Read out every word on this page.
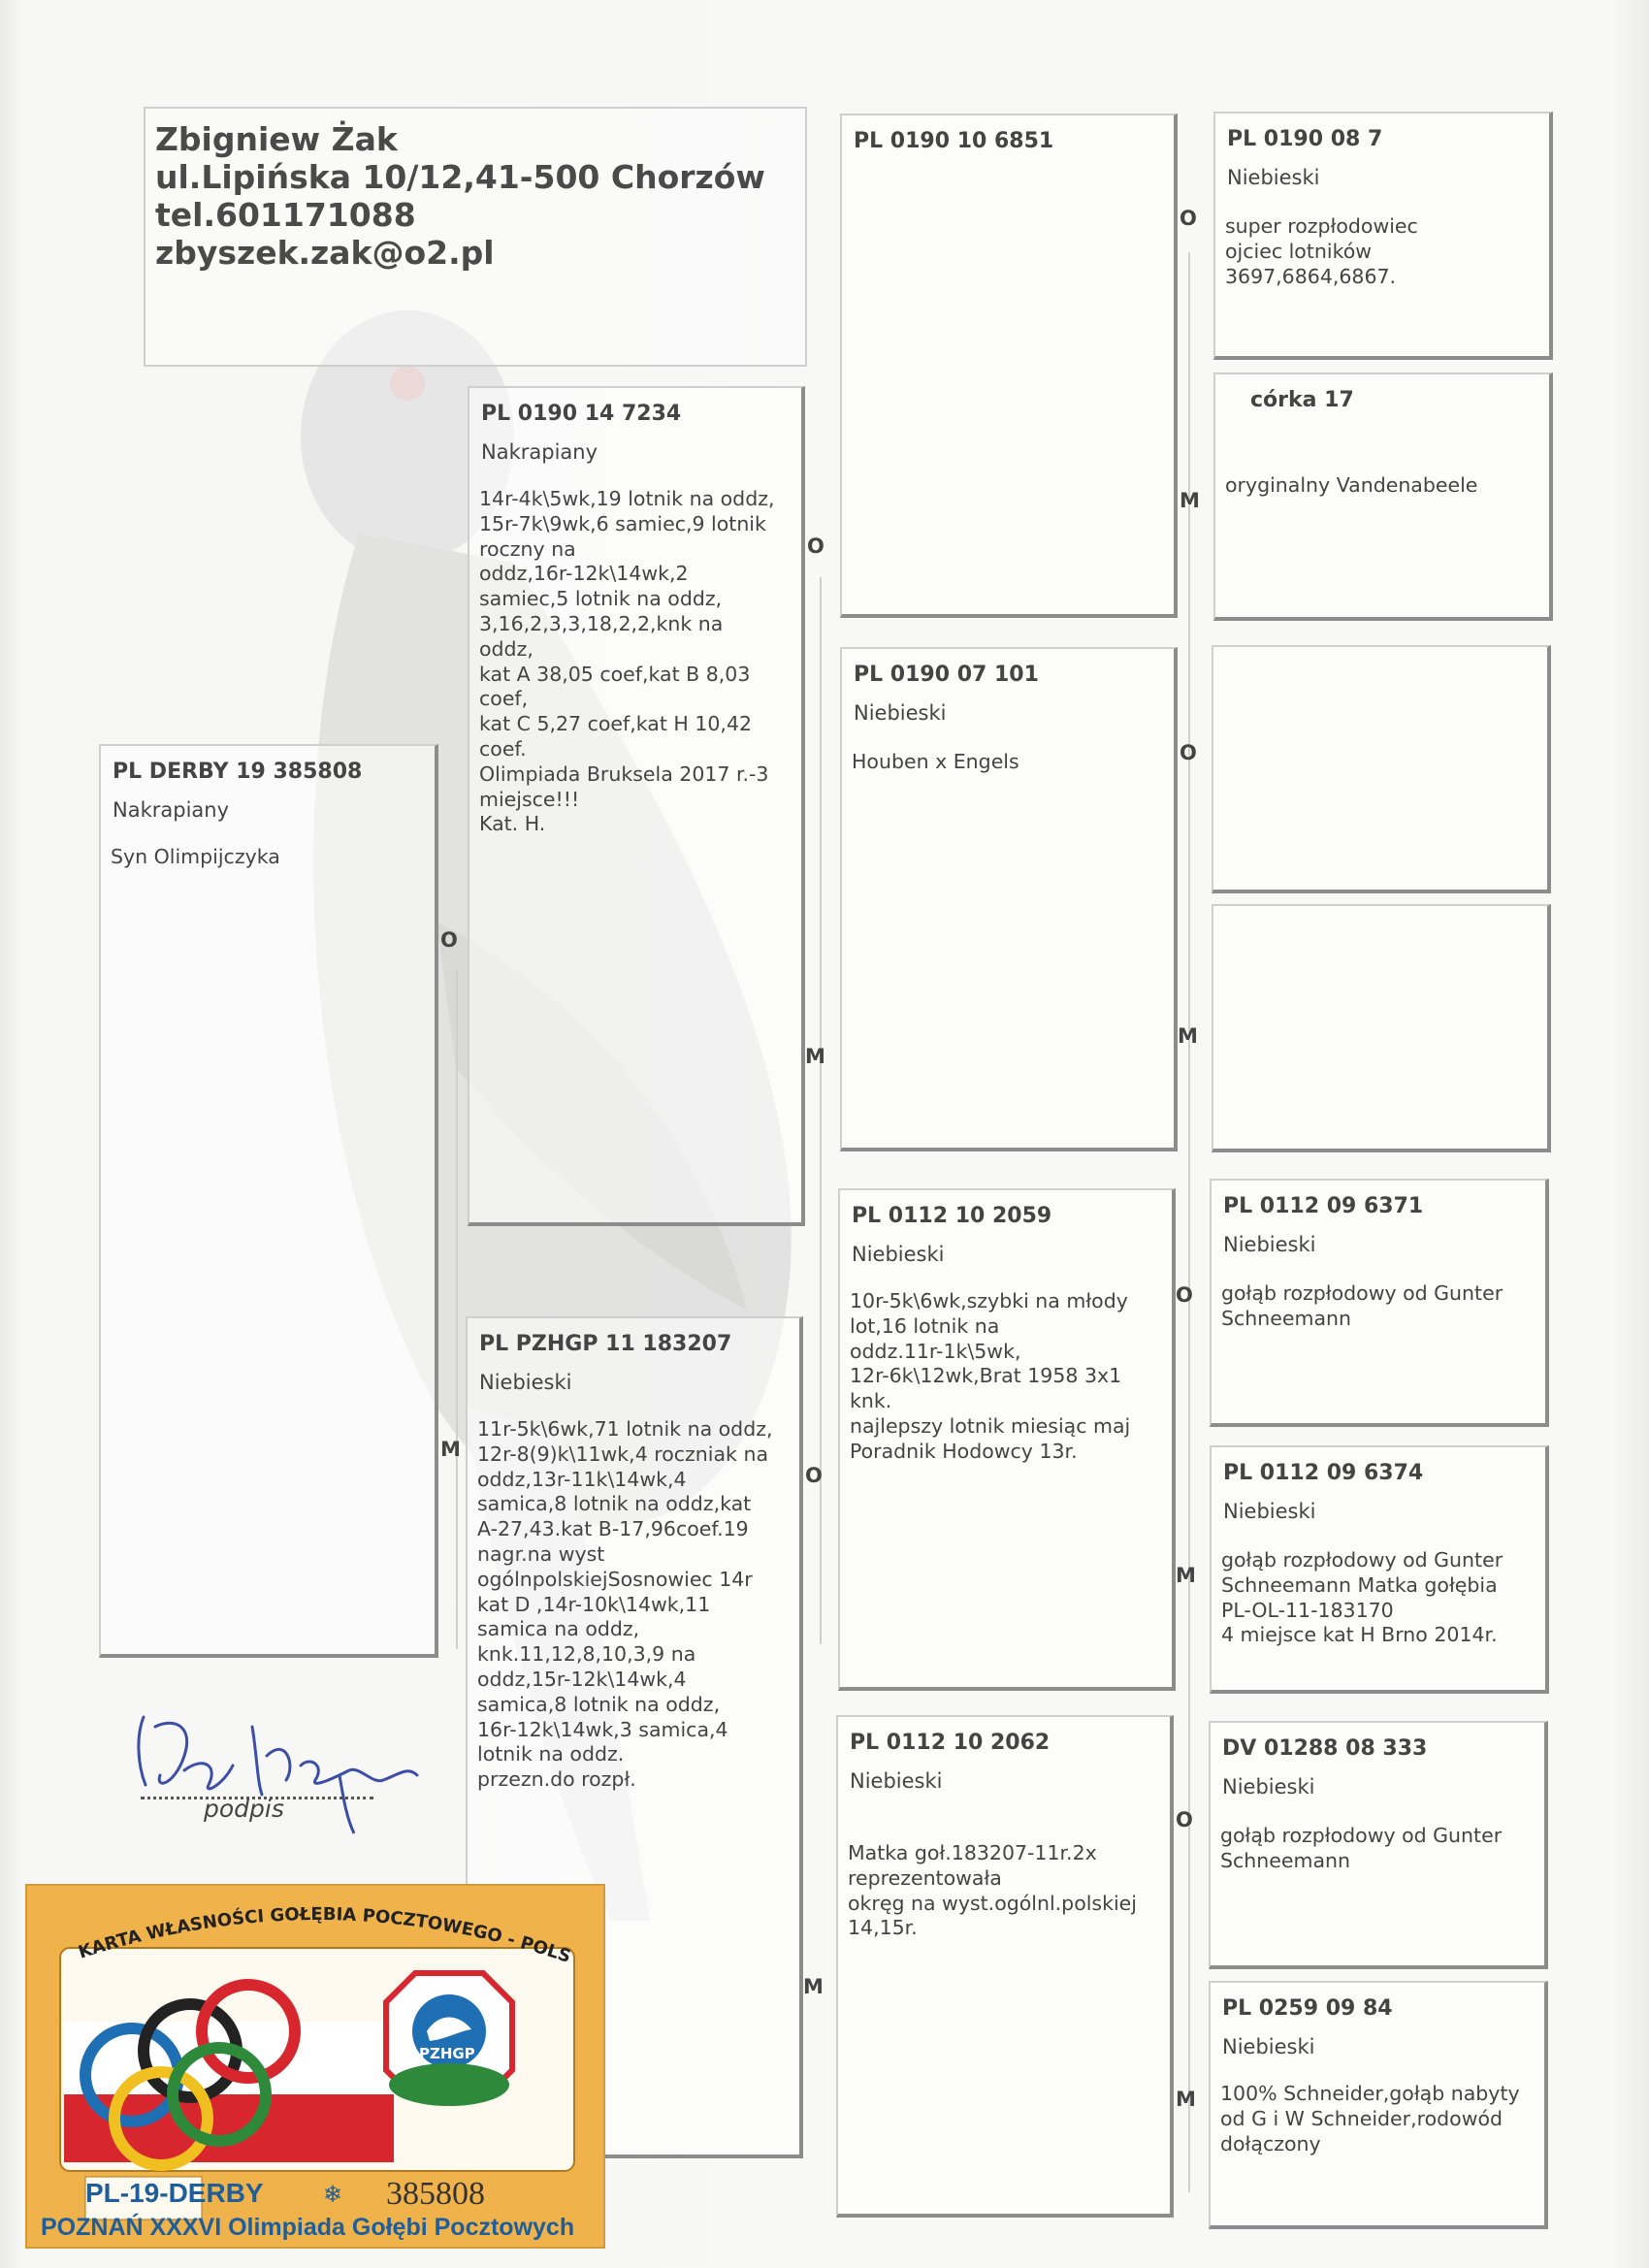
Zbigniew Żak
ul.Lipińska 10/12,41-500 Chorzów
tel.601171088
zbyszek.zak@o2.pl
PL DERBY 19 385808
Nakrapiany
Syn Olimpijczyka
PL 0190 14 7234
Nakrapiany
14r-4k\5wk,19 lotnik na oddz,
15r-7k\9wk,6 samiec,9 lotnik
roczny na
oddz,16r-12k\14wk,2
samiec,5 lotnik na oddz,
3,16,2,3,3,18,2,2,knk na
oddz,
kat A 38,05 coef,kat B 8,03
coef,
kat C 5,27 coef,kat H 10,42
coef.
Olimpiada Bruksela 2017 r.-3
miejsce!!!
Kat. H.
PL PZHGP 11 183207
Niebieski
11r-5k\6wk,71 lotnik na oddz,
12r-8(9)k\11wk,4 roczniak na
oddz,13r-11k\14wk,4
samica,8 lotnik na oddz,kat
A-27,43.kat B-17,96coef.19
nagr.na wyst
ogólnpolskiejSosnowiec 14r
kat D ,14r-10k\14wk,11
samica na oddz,
knk.11,12,8,10,3,9 na
oddz,15r-12k\14wk,4
samica,8 lotnik na oddz,
16r-12k\14wk,3 samica,4
lotnik na oddz.
przezn.do rozpł.
PL 0190 10 6851
PL 0190 07 101
Niebieski
Houben x Engels
PL 0112 10 2059
Niebieski
10r-5k\6wk,szybki na młody
lot,16 lotnik na
oddz.11r-1k\5wk,
12r-6k\12wk,Brat 1958 3x1
knk.
najlepszy lotnik miesiąc maj
Poradnik Hodowcy 13r.
PL 0112 10 2062
Niebieski
Matka goł.183207-11r.2x
reprezentowała
okręg na wyst.ogólnl.polskiej
14,15r.
PL 0190 08 7
Niebieski
super rozpłodowiec
ojciec lotników
3697,6864,6867.
córka 17
oryginalny Vandenabeele
PL 0112 09 6371
Niebieski
gołąb rozpłodowy od Gunter
Schneemann
PL 0112 09 6374
Niebieski
gołąb rozpłodowy od Gunter
Schneemann Matka gołębia
PL-OL-11-183170
4 miejsce kat H Brno 2014r.
DV 01288 08 333
Niebieski
gołąb rozpłodowy od Gunter
Schneemann
PL 0259 09 84
Niebieski
100% Schneider,gołąb nabyty
od G i W Schneider,rodowód
dołączony
O
M
O
M
O
M
O
M
O
M
O
M
O
M
podpis
KARTA WŁASNOŚCI GOŁĘBIA POCZTOWEGO - POLS
PZHGP
PL-19-DERBY	❄ 385808
POZNAŃ XXXVI Olimpiada Gołębi Pocztowych
